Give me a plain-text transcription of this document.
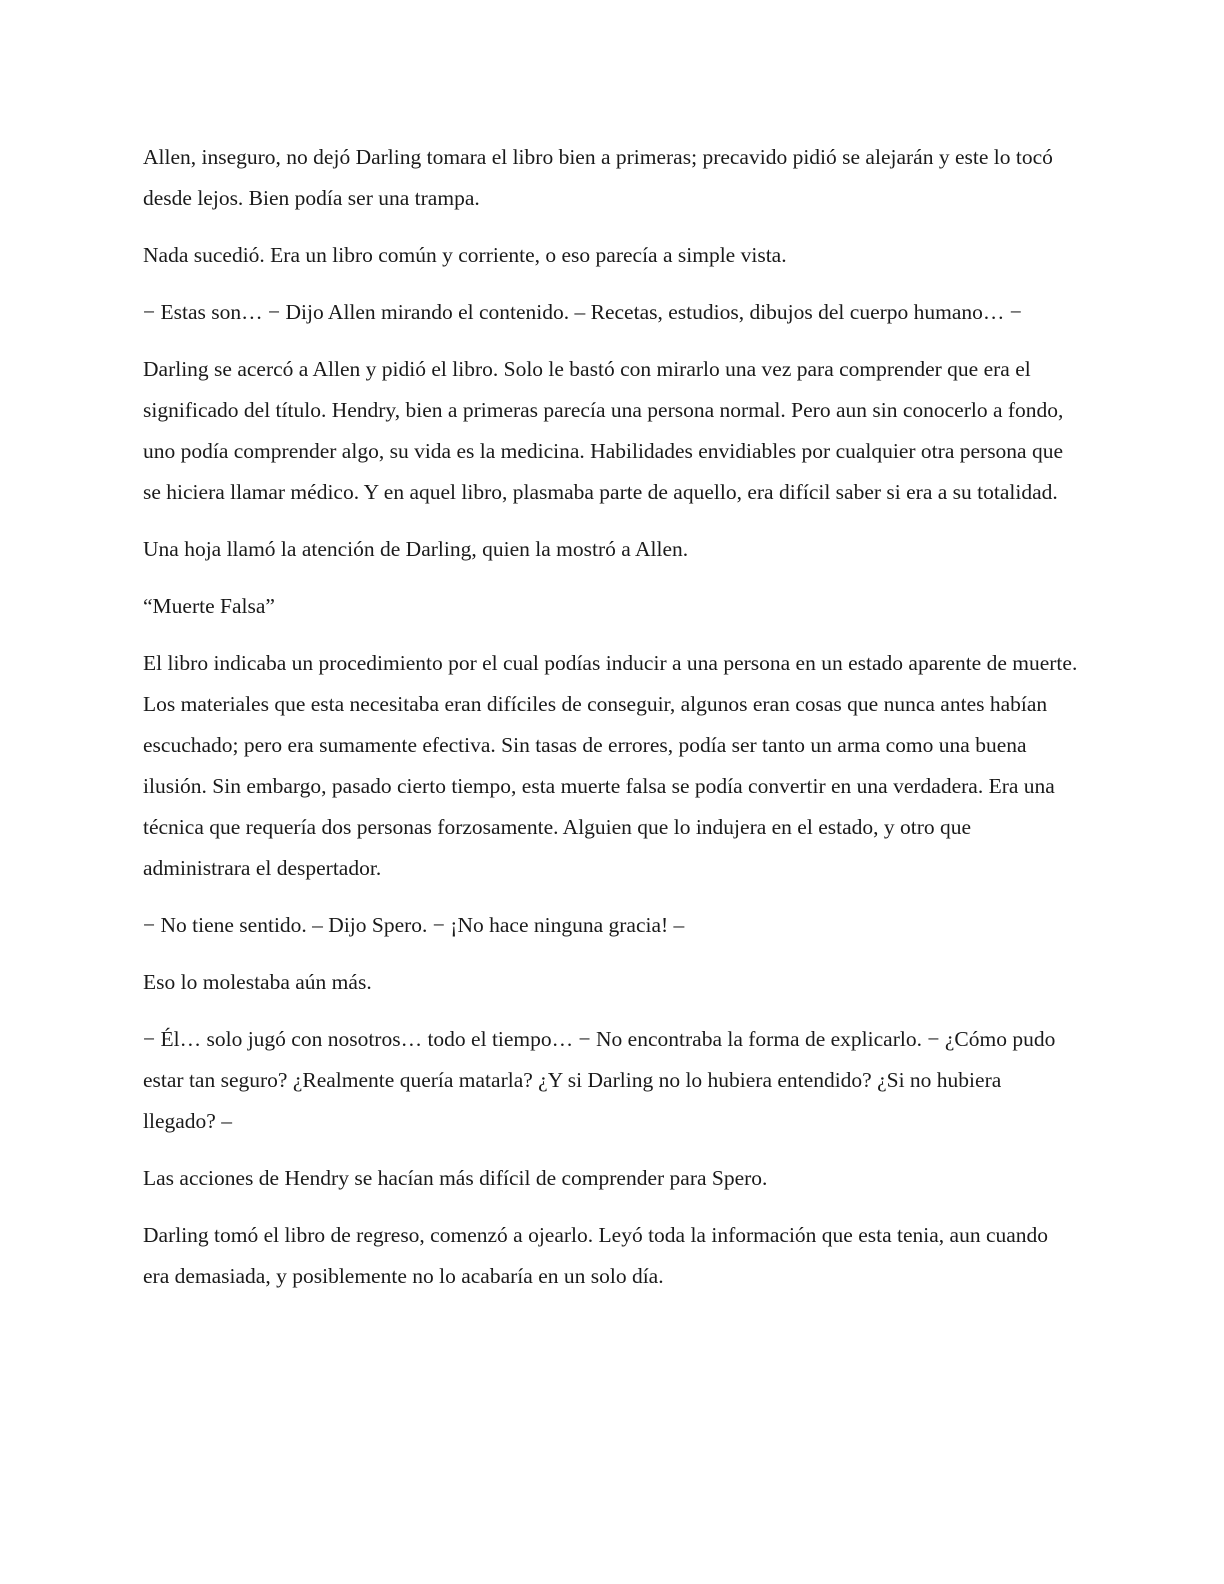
Allen, inseguro, no dejó Darling tomara el libro bien a primeras; precavido pidió se alejarán y este lo tocó desde lejos. Bien podía ser una trampa.

Nada sucedió. Era un libro común y corriente, o eso parecía a simple vista.

− Estas son… − Dijo Allen mirando el contenido. – Recetas, estudios, dibujos del cuerpo humano… −

Darling se acercó a Allen y pidió el libro. Solo le bastó con mirarlo una vez para comprender que era el significado del título. Hendry, bien a primeras parecía una persona normal. Pero aun sin conocerlo a fondo, uno podía comprender algo, su vida es la medicina. Habilidades envidiables por cualquier otra persona que se hiciera llamar médico. Y en aquel libro, plasmaba parte de aquello, era difícil saber si era a su totalidad.

Una hoja llamó la atención de Darling, quien la mostró a Allen.

“Muerte Falsa”

El libro indicaba un procedimiento por el cual podías inducir a una persona en un estado aparente de muerte. Los materiales que esta necesitaba eran difíciles de conseguir, algunos eran cosas que nunca antes habían escuchado; pero era sumamente efectiva. Sin tasas de errores, podía ser tanto un arma como una buena ilusión. Sin embargo, pasado cierto tiempo, esta muerte falsa se podía convertir en una verdadera. Era una técnica que requería dos personas forzosamente. Alguien que lo indujera en el estado, y otro que administrara el despertador.

− No tiene sentido. – Dijo Spero. − ¡No hace ninguna gracia! –

Eso lo molestaba aún más.

− Él… solo jugó con nosotros… todo el tiempo… − No encontraba la forma de explicarlo. − ¿Cómo pudo estar tan seguro? ¿Realmente quería matarla? ¿Y si Darling no lo hubiera entendido? ¿Si no hubiera llegado? –

Las acciones de Hendry se hacían más difícil de comprender para Spero.

Darling tomó el libro de regreso, comenzó a ojearlo. Leyó toda la información que esta tenia, aun cuando era demasiada, y posiblemente no lo acabaría en un solo día.
